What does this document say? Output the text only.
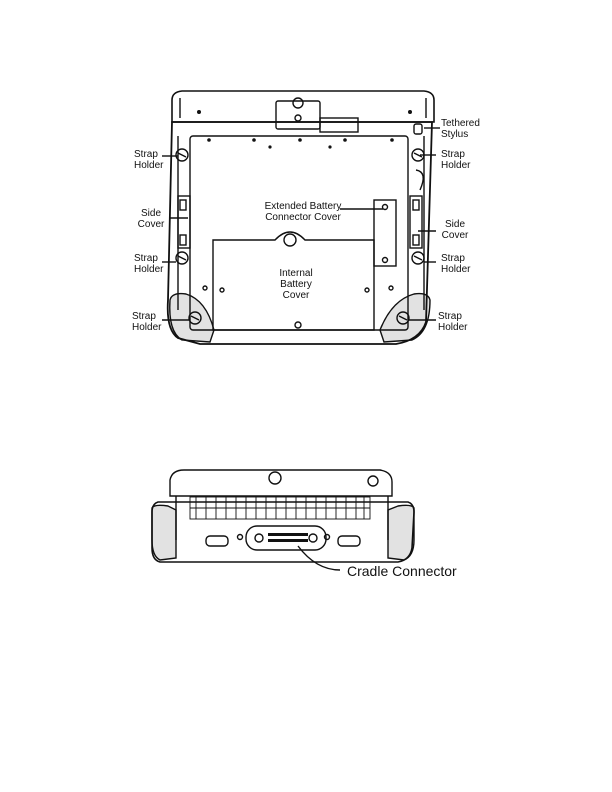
Tethered
Stylus
Strap
Holder
Strap
Holder
Side
Cover	Side
Cover
Extended Battery
Connector Cover
Strap
Holder
Strap
Holder
Internal
Battery
Cover
Strap
Holder
Strap
Holder
Cradle Connector
